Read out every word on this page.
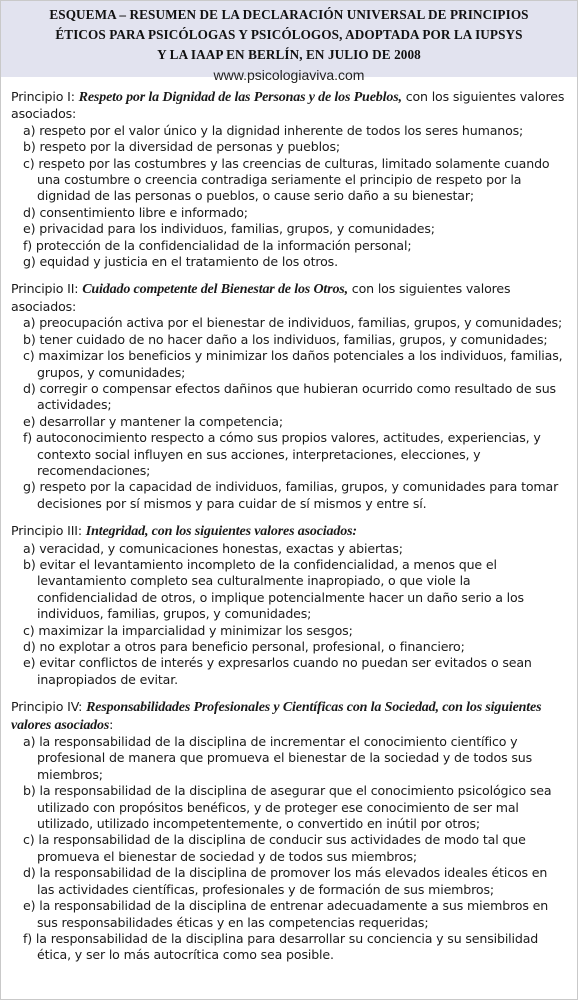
ESQUEMA – RESUMEN DE LA DECLARACIÓN UNIVERSAL DE PRINCIPIOS
ÉTICOS PARA PSICÓLOGAS Y PSICÓLOGOS, ADOPTADA POR LA IUPSYS
Y LA IAAP EN BERLÍN, EN JULIO DE 2008
www.psicologiaviva.com
Principio I: Respeto por la Dignidad de las Personas y de los Pueblos, con los siguientes valores asociados:
a) respeto por el valor único y la dignidad inherente de todos los seres humanos;
b) respeto por la diversidad de personas y pueblos;
c) respeto por las costumbres y las creencias de culturas, limitado solamente cuando una costumbre o creencia contradiga seriamente el principio de respeto por la dignidad de las personas o pueblos, o cause serio daño a su bienestar;
d) consentimiento libre e informado;
e) privacidad para los individuos, familias, grupos, y comunidades;
f) protección de la confidencialidad de la información personal;
g) equidad y justicia en el tratamiento de los otros.
Principio II: Cuidado competente del Bienestar de los Otros, con los siguientes valores asociados:
a) preocupación activa por el bienestar de individuos, familias, grupos, y comunidades;
b) tener cuidado de no hacer daño a los individuos, familias, grupos, y comunidades;
c) maximizar los beneficios y minimizar los daños potenciales a los individuos, familias, grupos, y comunidades;
d) corregir o compensar efectos dañinos que hubieran ocurrido como resultado de sus actividades;
e) desarrollar y mantener la competencia;
f) autoconocimiento respecto a cómo sus propios valores, actitudes, experiencias, y contexto social influyen en sus acciones, interpretaciones, elecciones, y recomendaciones;
g) respeto por la capacidad de individuos, familias, grupos, y comunidades para tomar decisiones por sí mismos y para cuidar de sí mismos y entre sí.
Principio III: Integridad, con los siguientes valores asociados:
a) veracidad, y comunicaciones honestas, exactas y abiertas;
b) evitar el levantamiento incompleto de la confidencialidad, a menos que el levantamiento completo sea culturalmente inapropiado, o que viole la confidencialidad de otros, o implique potencialmente hacer un daño serio a los individuos, familias, grupos, y comunidades;
c) maximizar la imparcialidad y minimizar los sesgos;
d) no explotar a otros para beneficio personal, profesional, o financiero;
e) evitar conflictos de interés y expresarlos cuando no puedan ser evitados o sean inapropiados de evitar.
Principio IV: Responsabilidades Profesionales y Científicas con la Sociedad, con los siguientes valores asociados:
a) la responsabilidad de la disciplina de incrementar el conocimiento científico y profesional de manera que promueva el bienestar de la sociedad y de todos sus miembros;
b) la responsabilidad de la disciplina de asegurar que el conocimiento psicológico sea utilizado con propósitos benéficos, y de proteger ese conocimiento de ser mal utilizado, utilizado incompetentemente, o convertido en inútil por otros;
c) la responsabilidad de la disciplina de conducir sus actividades de modo tal que promueva el bienestar de sociedad y de todos sus miembros;
d) la responsabilidad de la disciplina de promover los más elevados ideales éticos en las actividades científicas, profesionales y de formación de sus miembros;
e) la responsabilidad de la disciplina de entrenar adecuadamente a sus miembros en sus responsabilidades éticas y en las competencias requeridas;
f) la responsabilidad de la disciplina para desarrollar su conciencia y su sensibilidad ética, y ser lo más autocrítica como sea posible.
